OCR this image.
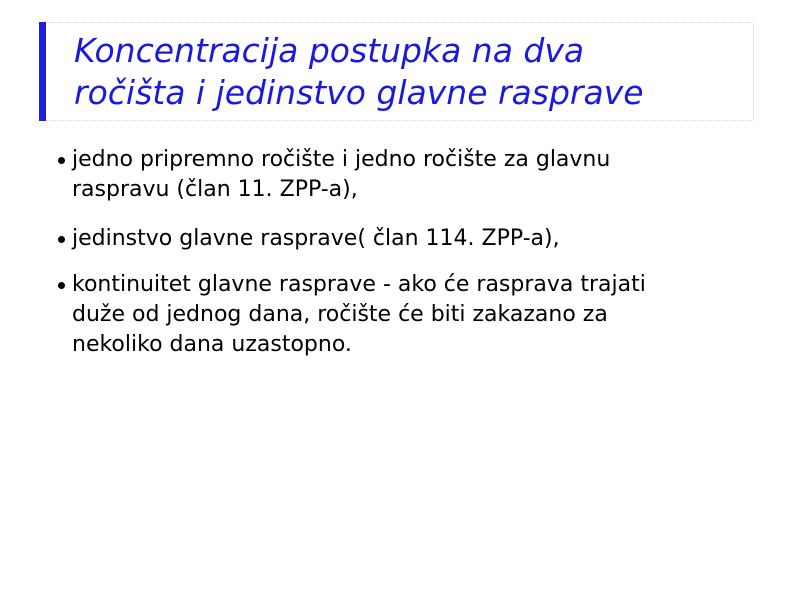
Koncentracija postupka na dva
ročišta i jedinstvo glavne rasprave
jedno pripremno ročište i jedno ročište za glavnu
raspravu (član 11. ZPP-a),
jedinstvo glavne rasprave( član 114. ZPP-a),
kontinuitet glavne rasprave - ako će rasprava trajati
duže od jednog dana, ročište će biti zakazano za
nekoliko dana uzastopno.
